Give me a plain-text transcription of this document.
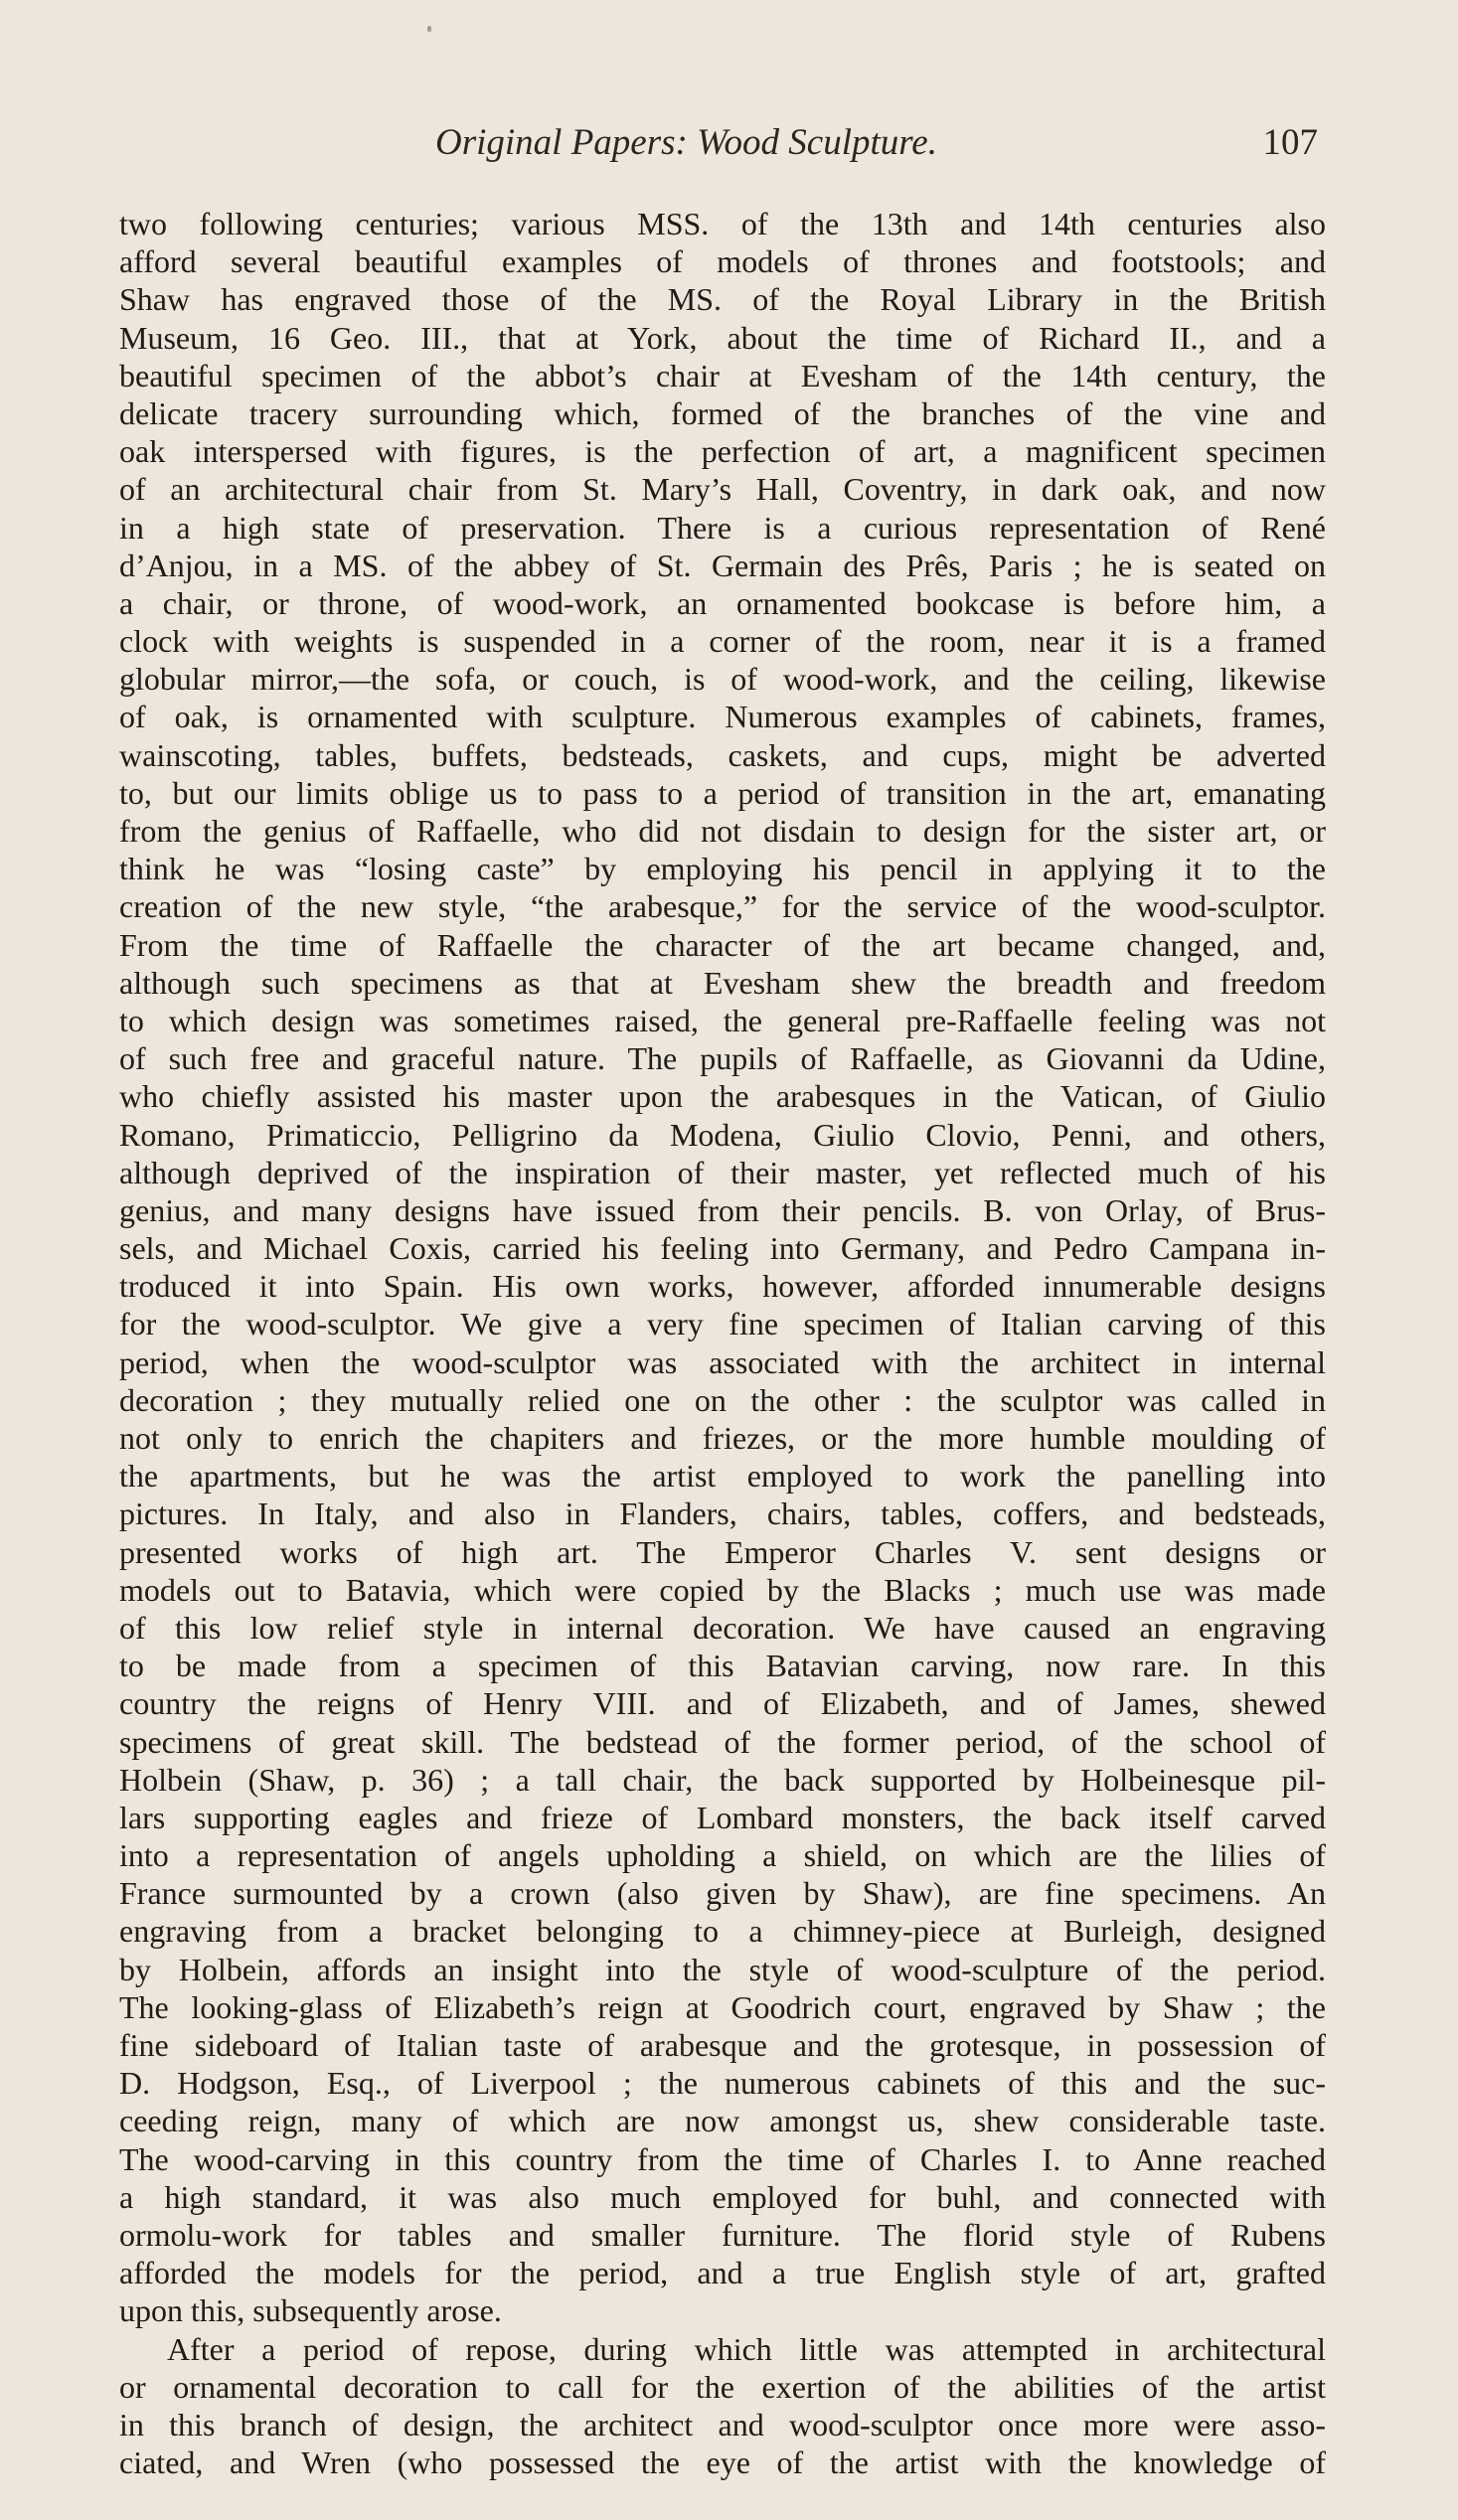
Original Papers: Wood Sculpture.	107

two following centuries; various MSS. of the 13th and 14th centuries also

afford several beautiful examples of models of thrones and footstools; and

Shaw has engraved those of the MS. of the Royal Library in the British

Museum, 16 Geo. III., that at York, about the time of Richard II., and a

beautiful specimen of the abbot’s chair at Evesham of the 14th century, the

delicate tracery surrounding which, formed of the branches of the vine and

oak interspersed with figures, is the perfection of art, a magnificent specimen

of an architectural chair from St. Mary’s Hall, Coventry, in dark oak, and now

in a high state of preservation. There is a curious representation of René

d’Anjou, in a MS. of the abbey of St. Germain des Prês, Paris ; he is seated on

a chair, or throne, of wood-work, an ornamented bookcase is before him, a

clock with weights is suspended in a corner of the room, near it is a framed

globular mirror,—the sofa, or couch, is of wood-work, and the ceiling, likewise

of oak, is ornamented with sculpture. Numerous examples of cabinets, frames,

wainscoting, tables, buffets, bedsteads, caskets, and cups, might be adverted

to, but our limits oblige us to pass to a period of transition in the art, emanating

from the genius of Raffaelle, who did not disdain to design for the sister art, or

think he was “losing caste” by employing his pencil in applying it to the

creation of the new style, “the arabesque,” for the service of the wood-sculptor.

From the time of Raffaelle the character of the art became changed, and,

although such specimens as that at Evesham shew the breadth and freedom

to which design was sometimes raised, the general pre-Raffaelle feeling was not

of such free and graceful nature. The pupils of Raffaelle, as Giovanni da Udine,

who chiefly assisted his master upon the arabesques in the Vatican, of Giulio

Romano, Primaticcio, Pelligrino da Modena, Giulio Clovio, Penni, and others,

although deprived of the inspiration of their master, yet reflected much of his

genius, and many designs have issued from their pencils. B. von Orlay, of Brus-

sels, and Michael Coxis, carried his feeling into Germany, and Pedro Campana in-

troduced it into Spain. His own works, however, afforded innumerable designs

for the wood-sculptor. We give a very fine specimen of Italian carving of this

period, when the wood-sculptor was associated with the architect in internal

decoration ; they mutually relied one on the other : the sculptor was called in

not only to enrich the chapiters and friezes, or the more humble moulding of

the apartments, but he was the artist employed to work the panelling into

pictures. In Italy, and also in Flanders, chairs, tables, coffers, and bedsteads,

presented works of high art. The Emperor Charles V. sent designs or

models out to Batavia, which were copied by the Blacks ; much use was made

of this low relief style in internal decoration. We have caused an engraving

to be made from a specimen of this Batavian carving, now rare. In this

country the reigns of Henry VIII. and of Elizabeth, and of James, shewed

specimens of great skill. The bedstead of the former period, of the school of

Holbein (Shaw, p. 36) ; a tall chair, the back supported by Holbeinesque pil-

lars supporting eagles and frieze of Lombard monsters, the back itself carved

into a representation of angels upholding a shield, on which are the lilies of

France surmounted by a crown (also given by Shaw), are fine specimens. An

engraving from a bracket belonging to a chimney-piece at Burleigh, designed

by Holbein, affords an insight into the style of wood-sculpture of the period.

The looking-glass of Elizabeth’s reign at Goodrich court, engraved by Shaw ; the

fine sideboard of Italian taste of arabesque and the grotesque, in possession of

D. Hodgson, Esq., of Liverpool ; the numerous cabinets of this and the suc-

ceeding reign, many of which are now amongst us, shew considerable taste.

The wood-carving in this country from the time of Charles I. to Anne reached

a high standard, it was also much employed for buhl, and connected with

ormolu-work for tables and smaller furniture. The florid style of Rubens

afforded the models for the period, and a true English style of art, grafted

upon this, subsequently arose.

After a period of repose, during which little was attempted in architectural

or ornamental decoration to call for the exertion of the abilities of the artist

in this branch of design, the architect and wood-sculptor once more were asso-

ciated, and Wren (who possessed the eye of the artist with the knowledge of
